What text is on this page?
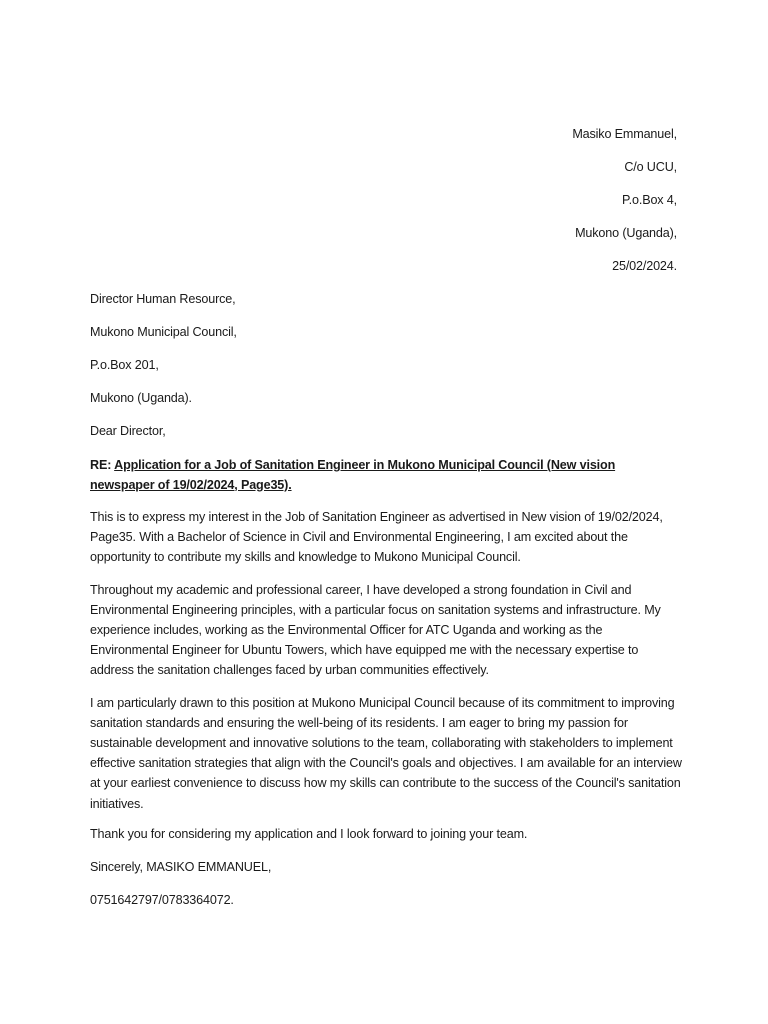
Masiko Emmanuel,

C/o UCU,

P.o.Box 4,

Mukono (Uganda),

25/02/2024.

Director Human Resource,

Mukono Municipal Council,

P.o.Box 201,

Mukono (Uganda).

Dear Director,

RE: Application for a Job of Sanitation Engineer in Mukono Municipal Council (New vision newspaper of 19/02/2024, Page35).

This is to express my interest in the Job of Sanitation Engineer as advertised in New vision of 19/02/2024, Page35. With a Bachelor of Science in Civil and Environmental Engineering, I am excited about the opportunity to contribute my skills and knowledge to Mukono Municipal Council.

Throughout my academic and professional career, I have developed a strong foundation in Civil and Environmental Engineering principles, with a particular focus on sanitation systems and infrastructure. My experience includes, working as the Environmental Officer for ATC Uganda and working as the Environmental Engineer for Ubuntu Towers, which have equipped me with the necessary expertise to address the sanitation challenges faced by urban communities effectively.

I am particularly drawn to this position at Mukono Municipal Council because of its commitment to improving sanitation standards and ensuring the well-being of its residents. I am eager to bring my passion for sustainable development and innovative solutions to the team, collaborating with stakeholders to implement effective sanitation strategies that align with the Council's goals and objectives. I am available for an interview at your earliest convenience to discuss how my skills can contribute to the success of the Council's sanitation initiatives.

Thank you for considering my application and I look forward to joining your team.

Sincerely, MASIKO EMMANUEL,

0751642797/0783364072.
